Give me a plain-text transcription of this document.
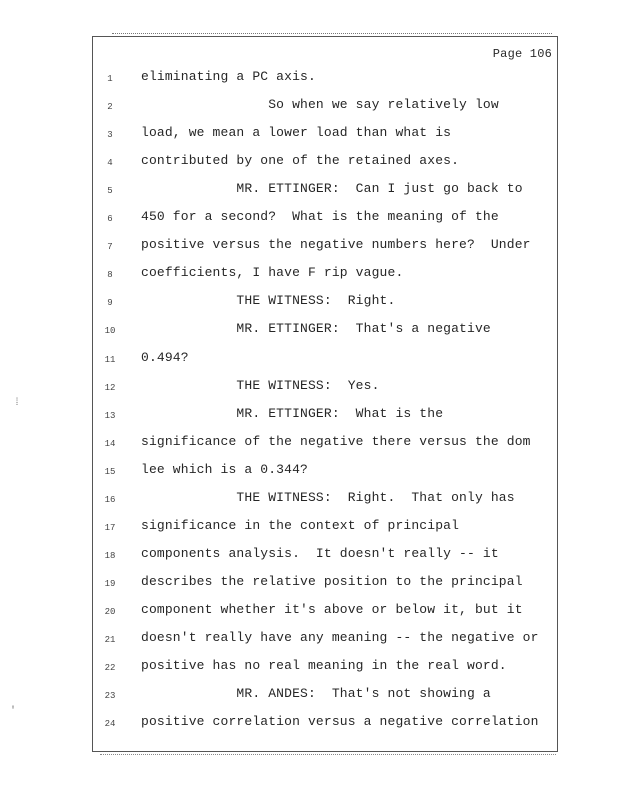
⁞
'
Page 106
1	eliminating a PC axis.
2	So when we say relatively low
3	load, we mean a lower load than what is
4	contributed by one of the retained axes.
5	MR. ETTINGER:  Can I just go back to
6	450 for a second?  What is the meaning of the
7	positive versus the negative numbers here?  Under
8	coefficients, I have F rip vague.
9	THE WITNESS:  Right.
10 MR. ETTINGER:  That's a negative
11 0.494?
12 THE WITNESS:  Yes.
13 MR. ETTINGER:  What is the
14 significance of the negative there versus the dom
15 lee which is a 0.344?
16 THE WITNESS:  Right.  That only has
17 significance in the context of principal
18 components analysis.  It doesn't really -- it
19 describes the relative position to the principal
20 component whether it's above or below it, but it
21 doesn't really have any meaning -- the negative or
22 positive has no real meaning in the real word.
23 MR. ANDES:  That's not showing a
24 positive correlation versus a negative correlation
